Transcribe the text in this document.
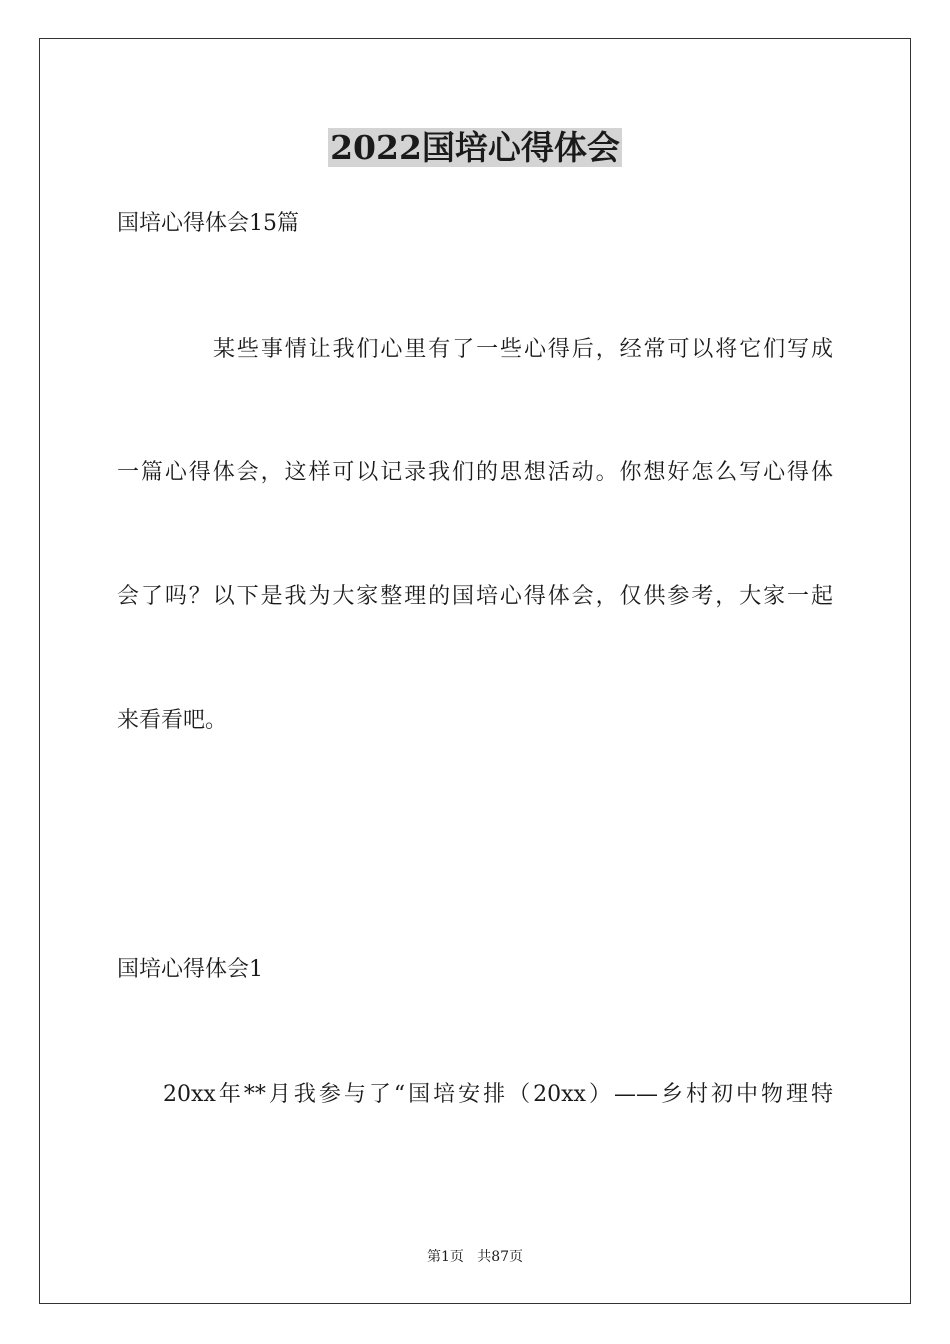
2022国培心得体会
国培心得体会15篇
某些事情让我们心里有了一些心得后，经常可以将它们写成
一篇心得体会，这样可以记录我们的思想活动。你想好怎么写心得体
会了吗？以下是我为大家整理的国培心得体会，仅供参考，大家一起
来看看吧。
国培心得体会1
20xx年**月我参与了“国培安排（20xx）——乡村初中物理特
第1页   共87页
